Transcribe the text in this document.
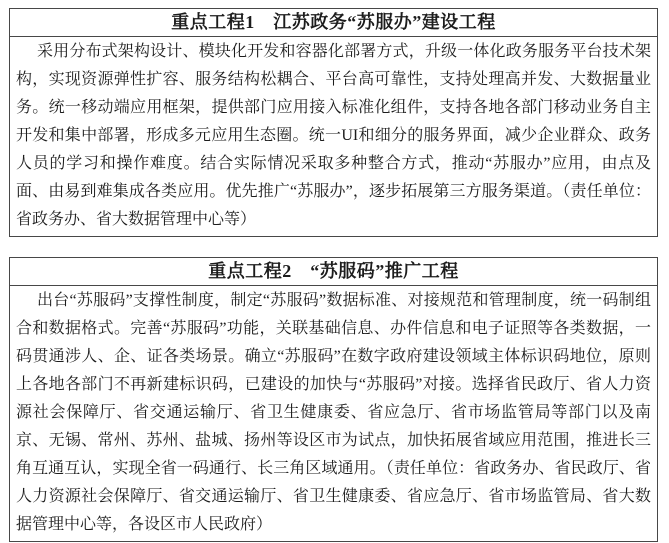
重点工程1　江苏政务“苏服办”建设工程
采用分布式架构设计、模块化开发和容器化部署方式，升级一体化政务服务平台技术架构，实现资源弹性扩容、服务结构松耦合、平台高可靠性，支持处理高并发、大数据量业务。统一移动端应用框架，提供部门应用接入标准化组件，支持各地各部门移动业务自主开发和集中部署，形成多元应用生态圈。统一UI和细分的服务界面，减少企业群众、政务人员的学习和操作难度。结合实际情况采取多种整合方式，推动“苏服办”应用，由点及面、由易到难集成各类应用。优先推广“苏服办”，逐步拓展第三方服务渠道。（责任单位：省政务办、省大数据管理中心等）
重点工程2　“苏服码”推广工程
出台“苏服码”支撑性制度，制定“苏服码”数据标准、对接规范和管理制度，统一码制组合和数据格式。完善“苏服码”功能，关联基础信息、办件信息和电子证照等各类数据，一码贯通涉人、企、证各类场景。确立“苏服码”在数字政府建设领域主体标识码地位，原则上各地各部门不再新建标识码，已建设的加快与“苏服码”对接。选择省民政厅、省人力资源社会保障厅、省交通运输厅、省卫生健康委、省应急厅、省市场监管局等部门以及南京、无锡、常州、苏州、盐城、扬州等设区市为试点，加快拓展省域应用范围，推进长三角互通互认，实现全省一码通行、长三角区域通用。（责任单位：省政务办、省民政厅、省人力资源社会保障厅、省交通运输厅、省卫生健康委、省应急厅、省市场监管局、省大数据管理中心等，各设区市人民政府）
